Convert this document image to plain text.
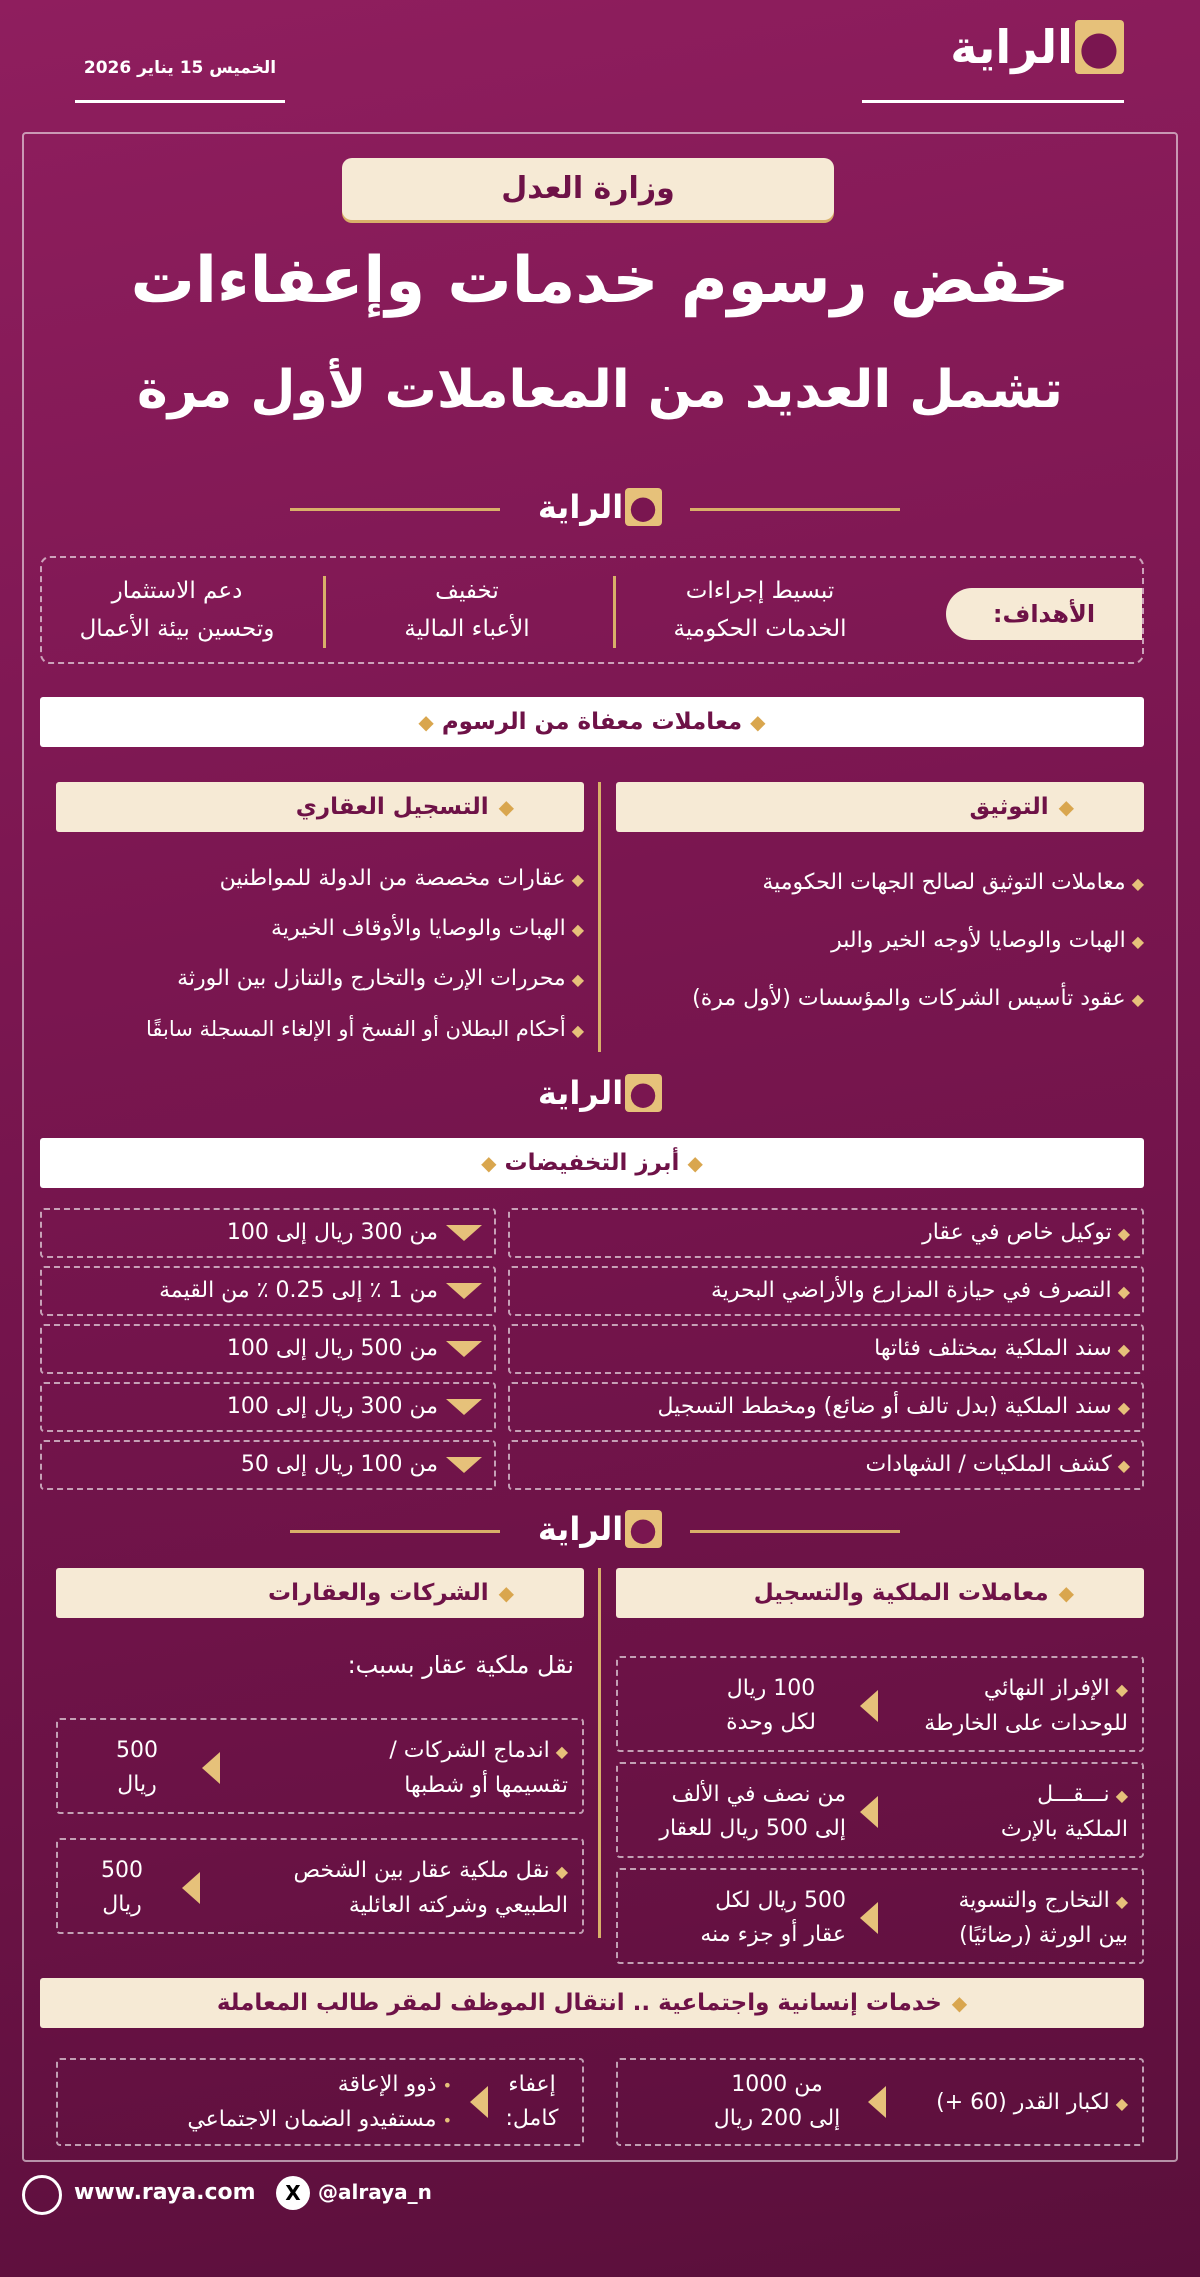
●الراية
الخميس 15 يناير 2026
وزارة العدل
خفض رسوم خدمات وإعفاءات
تشمل العديد من المعاملات لأول مرة
●الراية
الأهداف:
تبسيط إجراءات
الخدمات الحكومية
تخفيف
الأعباء المالية
دعم الاستثمار
وتحسين بيئة الأعمال
◆معاملات معفاة من الرسوم◆
◆التوثيق
◆التسجيل العقاري
◆معاملات التوثيق لصالح الجهات الحكومية
◆الهبات والوصايا لأوجه الخير والبر
◆عقود تأسيس الشركات والمؤسسات (لأول مرة)
◆عقارات مخصصة من الدولة للمواطنين
◆الهبات والوصايا والأوقاف الخيرية
◆محررات الإرث والتخارج والتنازل بين الورثة
◆أحكام البطلان أو الفسخ أو الإلغاء المسجلة سابقًا
●الراية
◆أبرز التخفيضات◆
◆توكيل خاص في عقار
من 300 ريال إلى 100
◆التصرف في حيازة المزارع والأراضي البحرية
من 1 ٪ إلى 0.25 ٪ من القيمة
◆سند الملكية بمختلف فئاتها
من 500 ريال إلى 100
◆سند الملكية (بدل تالف أو ضائع) ومخطط التسجيل
من 300 ريال إلى 100
◆كشف الملكيات / الشهادات
من 100 ريال إلى 50
●الراية
◆معاملات الملكية والتسجيل
◆الشركات والعقارات
◆الإفراز النهائي
للوحدات على الخارطة
100 ريال
لكل وحدة
◆نـــقـــل
الملكية بالإرث
من نصف في الألف
إلى 500 ريال للعقار
◆التخارج والتسوية
بين الورثة (رضائيًا)
500 ريال لكل
عقار أو جزء منه
نقل ملكية عقار بسبب:
◆اندماج الشركات /
تقسيمها أو شطبها
500
ريال
◆نقل ملكية عقار بين الشخص
الطبيعي وشركته العائلية
500
ريال
◆خدمات إنسانية واجتماعية .. انتقال الموظف لمقر طالب المعاملة
◆لكبار القدر (60 +)
من 1000
إلى 200 ريال
إعفاء
كامل:
•ذوو الإعاقة
•مستفيدو الضمان الاجتماعي
www.raya.com	X @alraya_n
